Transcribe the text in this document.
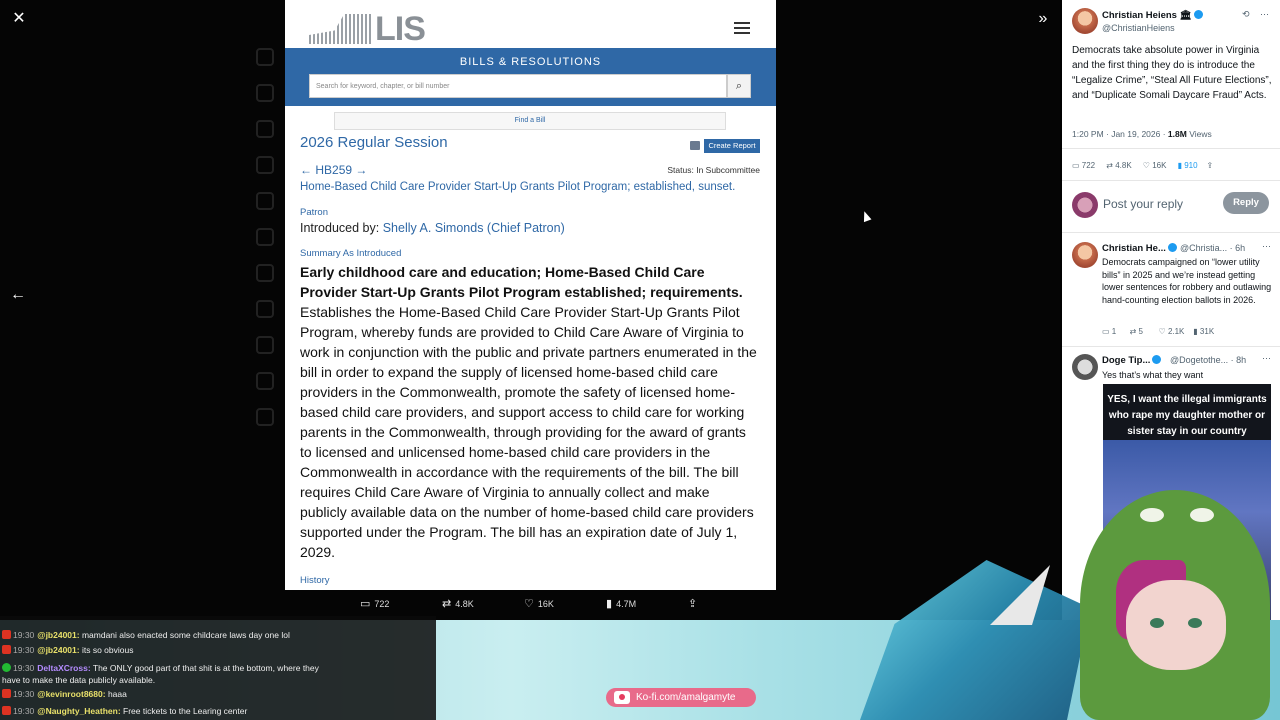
✕	»
←
LIS
BILLS & RESOLUTIONS
Search for keyword, chapter, or bill number	⌕
Find a Bill
2026 Regular Session	Create Report
← HB259 →	Status: In Subcommittee
Home-Based Child Care Provider Start-Up Grants Pilot Program; established, sunset.
Patron
Introduced by: Shelly A. Simonds (Chief Patron)
Summary As Introduced
Early childhood care and education; Home-Based Child Care Provider Start-Up Grants Pilot Program established; requirements.
Establishes the Home-Based Child Care Provider Start-Up Grants Pilot Program, whereby funds are provided to Child Care Aware of Virginia to work in conjunction with the public and private partners enumerated in the bill in order to expand the supply of licensed home-based child care providers in the Commonwealth, promote the safety of licensed home-based child care providers, and support access to child care for working parents in the Commonwealth, through providing for the award of grants to licensed and unlicensed home-based child care providers in the Commonwealth in accordance with the requirements of the bill. The bill requires Child Care Aware of Virginia to annually collect and make publicly available data on the number of home-based child care providers supported under the Program. The bill has an expiration date of July 1, 2029.
History
▭ 722	⇄ 4.8K	♡ 16K	▮ 4.7M	⇪
Christian Heiens 🏛
@ChristianHeiens
⟲ ⋯
Democrats take absolute power in Virginia and the first thing they do is introduce the “Legalize Crime”, “Steal All Future Elections”, and “Duplicate Somali Daycare Fraud” Acts.
1:20 PM · Jan 19, 2026 · 1.8M Views
▭ 722 ⇄ 4.8K ♡ 16K ▮ 910 ⇪
Post your reply	Reply
Christian He...	@Christia... · 6h ⋯
Democrats campaigned on “lower utility bills” in 2025 and we’re instead getting lower sentences for robbery and outlawing hand-counting election ballots in 2026.
▭ 1 ⇄ 5 ♡ 2.1K ▮ 31K
Doge Tip...	@Dogetothe... · 8h ⋯
Yes that’s what they want
YES, I want the illegal immigrants who rape my daughter mother or sister stay in our country
19:30 @jb24001: mamdani also enacted some childcare laws day one lol
19:30 @jb24001: its so obvious
19:30 DeltaXCross: The ONLY good part of that shit is at the bottom, where they
have to make the data publicly available.
19:30 @kevinroot8680: haaa
19:30 @Naughty_Heathen: Free tickets to the Learing center
Ko-fi.com/amalgamyte
